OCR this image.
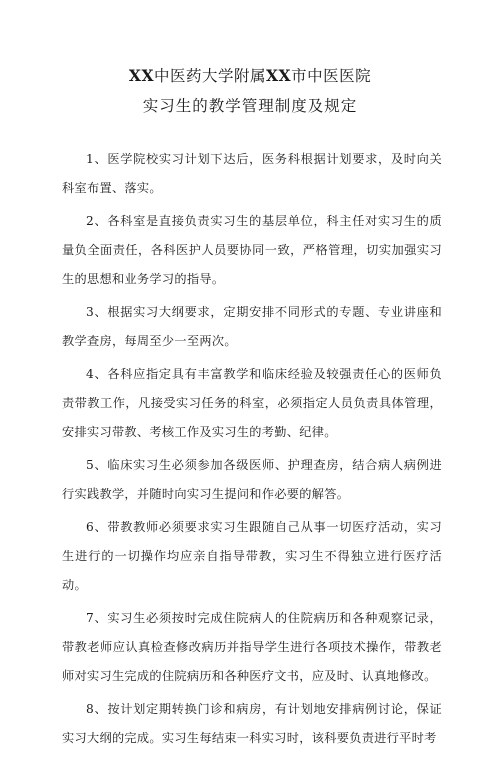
XX中医药大学附属XX市中医医院
实习生的教学管理制度及规定

1、医学院校实习计划下达后，医务科根据计划要求，及时向关科室布置、落实。

2、各科室是直接负责实习生的基层单位，科主任对实习生的质量负全面责任，各科医护人员要协同一致，严格管理，切实加强实习生的思想和业务学习的指导。

3、根据实习大纲要求，定期安排不同形式的专题、专业讲座和教学查房，每周至少一至两次。

4、各科应指定具有丰富教学和临床经验及较强责任心的医师负责带教工作，凡接受实习任务的科室，必须指定人员负责具体管理，安排实习带教、考核工作及实习生的考勤、纪律。

5、临床实习生必须参加各级医师、护理查房，结合病人病例进行实践教学，并随时向实习生提问和作必要的解答。

6、带教教师必须要求实习生跟随自己从事一切医疗活动，实习生进行的一切操作均应亲自指导带教，实习生不得独立进行医疗活动。

7、实习生必须按时完成住院病人的住院病历和各种观察记录，带教老师应认真检查修改病历并指导学生进行各项技术操作，带教老师对实习生完成的住院病历和各种医疗文书，应及时、认真地修改。

8、按计划定期转换门诊和病房，有计划地安排病例讨论，保证实习大纲的完成。实习生每结束一科实习时，该科要负责进行平时考
